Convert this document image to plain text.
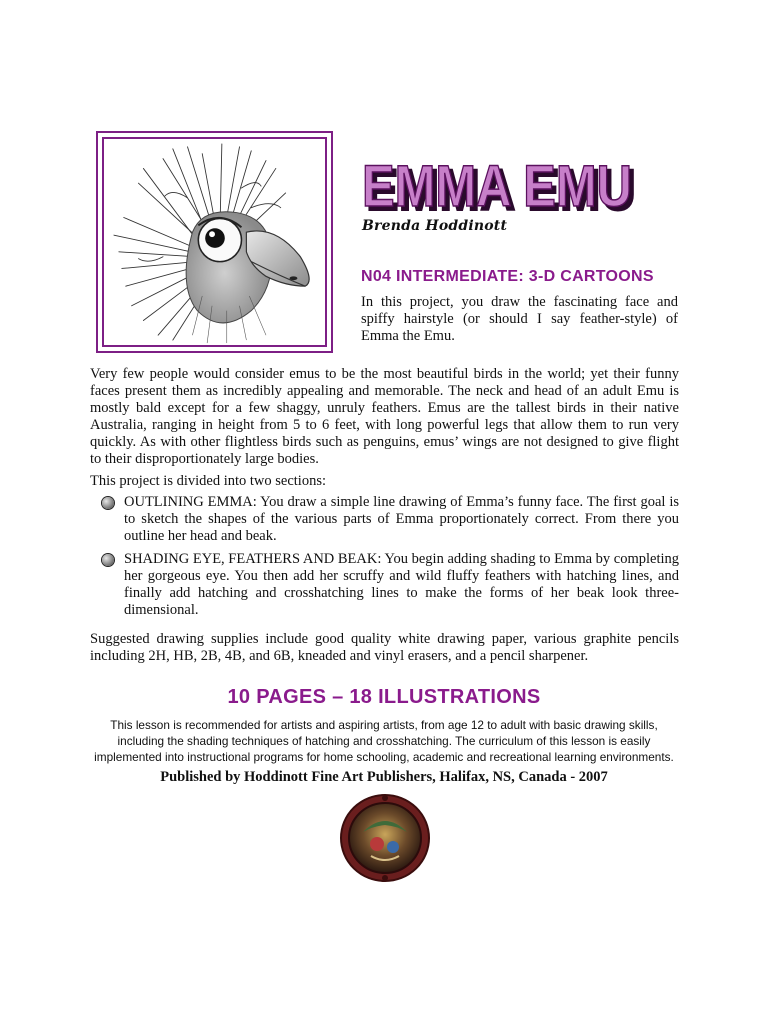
EMMA EMU
EMMA EMU
Brenda Hoddinott
N04 INTERMEDIATE: 3-D CARTOONS

In this project, you draw the fascinating face and spiffy hairstyle (or should I say feather-style) of Emma the Emu.

Very few people would consider emus to be the most beautiful birds in the world; yet their funny faces present them as incredibly appealing and memorable. The neck and head of an adult Emu is mostly bald except for a few shaggy, unruly feathers. Emus are the tallest birds in their native Australia, ranging in height from 5 to 6 feet, with long powerful legs that allow them to run very quickly. As with other flightless birds such as penguins, emus’ wings are not designed to give flight to their disproportionately large bodies.

This project is divided into two sections:

OUTLINING EMMA: You draw a simple line drawing of Emma’s funny face. The first goal is to sketch the shapes of the various parts of Emma proportionately correct. From there you outline her head and beak.
SHADING EYE, FEATHERS AND BEAK: You begin adding shading to Emma by completing her gorgeous eye. You then add her scruffy and wild fluffy feathers with hatching lines, and finally add hatching and crosshatching lines to make the forms of her beak look three-dimensional.

Suggested drawing supplies include good quality white drawing paper, various graphite pencils including 2H, HB, 2B, 4B, and 6B, kneaded and vinyl erasers, and a pencil sharpener.

10 PAGES – 18 ILLUSTRATIONS

This lesson is recommended for artists and aspiring artists, from age 12 to adult with basic drawing skills,
including the shading techniques of hatching and crosshatching. The curriculum of this lesson is easily
implemented into instructional programs for home schooling, academic and recreational learning environments.

Published by Hoddinott Fine Art Publishers, Halifax, NS, Canada - 2007
